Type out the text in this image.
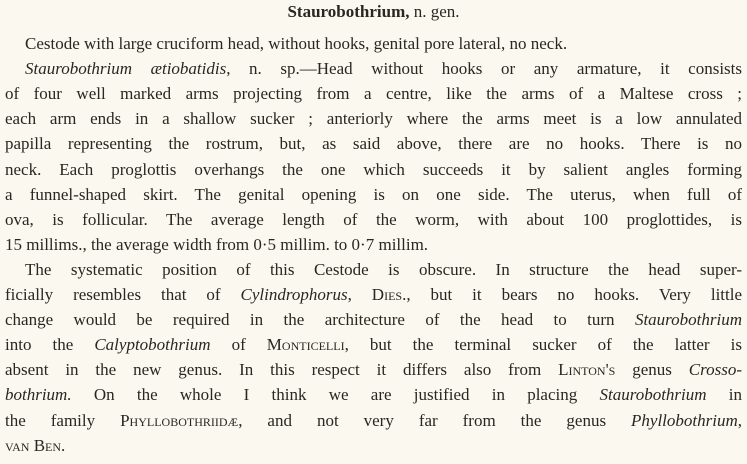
Staurobothrium, n. gen.
Cestode with large cruciform head, without hooks, genital pore lateral, no neck.
Staurobothrium ætiobatidis, n. sp.—Head without hooks or any armature, it consists
of four well marked arms projecting from a centre, like the arms of a Maltese cross ;
each arm ends in a shallow sucker ; anteriorly where the arms meet is a low annulated
papilla representing the rostrum, but, as said above, there are no hooks. There is no
neck. Each proglottis overhangs the one which succeeds it by salient angles forming
a funnel-shaped skirt. The genital opening is on one side. The uterus, when full of
ova, is follicular. The average length of the worm, with about 100 proglottides, is
15 millims., the average width from 0·5 millim. to 0·7 millim.
The systematic position of this Cestode is obscure. In structure the head super-
ficially resembles that of Cylindrophorus, Dies., but it bears no hooks. Very little
change would be required in the architecture of the head to turn Staurobothrium
into the Calyptobothrium of Monticelli, but the terminal sucker of the latter is
absent in the new genus. In this respect it differs also from Linton's genus Crosso-
bothrium. On the whole I think we are justified in placing Staurobothrium in
the family Phyllobothriidæ, and not very far from the genus Phyllobothrium,
van Ben.
